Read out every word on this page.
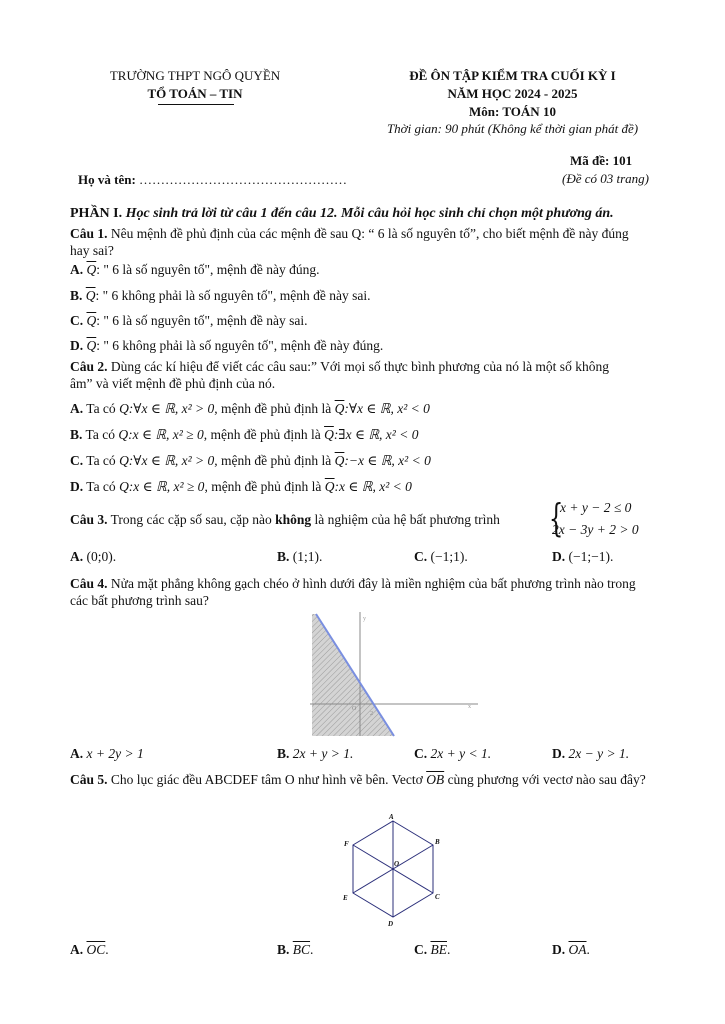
TRƯỜNG THPT NGÔ QUYỀN
TỔ TOÁN – TIN
ĐỀ ÔN TẬP KIỂM TRA CUỐI KỲ I
NĂM HỌC 2024 - 2025
Môn: TOÁN 10
Thời gian: 90 phút (Không kể thời gian phát đề)
Mã đề: 101
Họ và tên: …………………………………………	(Đề có 03 trang)
PHẦN I. Học sinh trả lời từ câu 1 đến câu 12. Mỗi câu hỏi học sinh chỉ chọn một phương án.
Câu 1. Nêu mệnh đề phủ định của các mệnh đề sau Q: “ 6 là số nguyên tố”, cho biết mệnh đề này đúng hay sai?
A. $\overline{Q}$: " 6 là số nguyên tố", mệnh đề này đúng.
B. $\overline{Q}$: " 6 không phải là số nguyên tố", mệnh đề này sai.
C. $\overline{Q}$: " 6 là số nguyên tố", mệnh đề này sai.
D. $\overline{Q}$: " 6 không phải là số nguyên tố", mệnh đề này đúng.
Câu 2. Dùng các kí hiệu để viết các câu sau:” Với mọi số thực bình phương của nó là một số không âm” và viết mệnh đề phủ định của nó.
A. Ta có Q:∀x ∈ ℝ, x² > 0, mệnh đề phủ định là $\overline{Q}:\forall x$ ∈ ℝ, x² < 0
B. Ta có Q:x ∈ ℝ, x² ≥ 0, mệnh đề phủ định là $\overline{Q}:\exists x$ ∈ ℝ, x² < 0
C. Ta có Q:∀x ∈ ℝ, x² > 0, mệnh đề phủ định là $\overline{Q}:-x$ ∈ ℝ, x² < 0
D. Ta có Q:x ∈ ℝ, x² ≥ 0, mệnh đề phủ định là $\overline{Q}:x$ ∈ ℝ, x² < 0
Câu 3. Trong các cặp số sau, cặp nào không là nghiệm của hệ bất phương trình	{
x + y − 2 ≤ 0
2x − 3y + 2 > 0
A. (0;0).	B. (1;1).	C. (−1;1).	D. (−1;−1).
Câu 4. Nửa mặt phẳng không gạch chéo ở hình dưới đây là miền nghiệm của bất phương trình nào trong các bất phương trình sau?
O
2
x
y
A. x + 2y > 1	B. 2x + y > 1.	C. 2x + y < 1.	D. 2x − y > 1.
Câu 5. Cho lục giác đều ABCDEF tâm O như hình vẽ bên. Vectơ $\overline{OB}$ cùng phương với vectơ nào sau đây?
A
B
C
D
E
F
O
A. $\overline{OC}$.	B. $\overline{BC}$.	C. $\overline{BE}$.	D. $\overline{OA}$.
